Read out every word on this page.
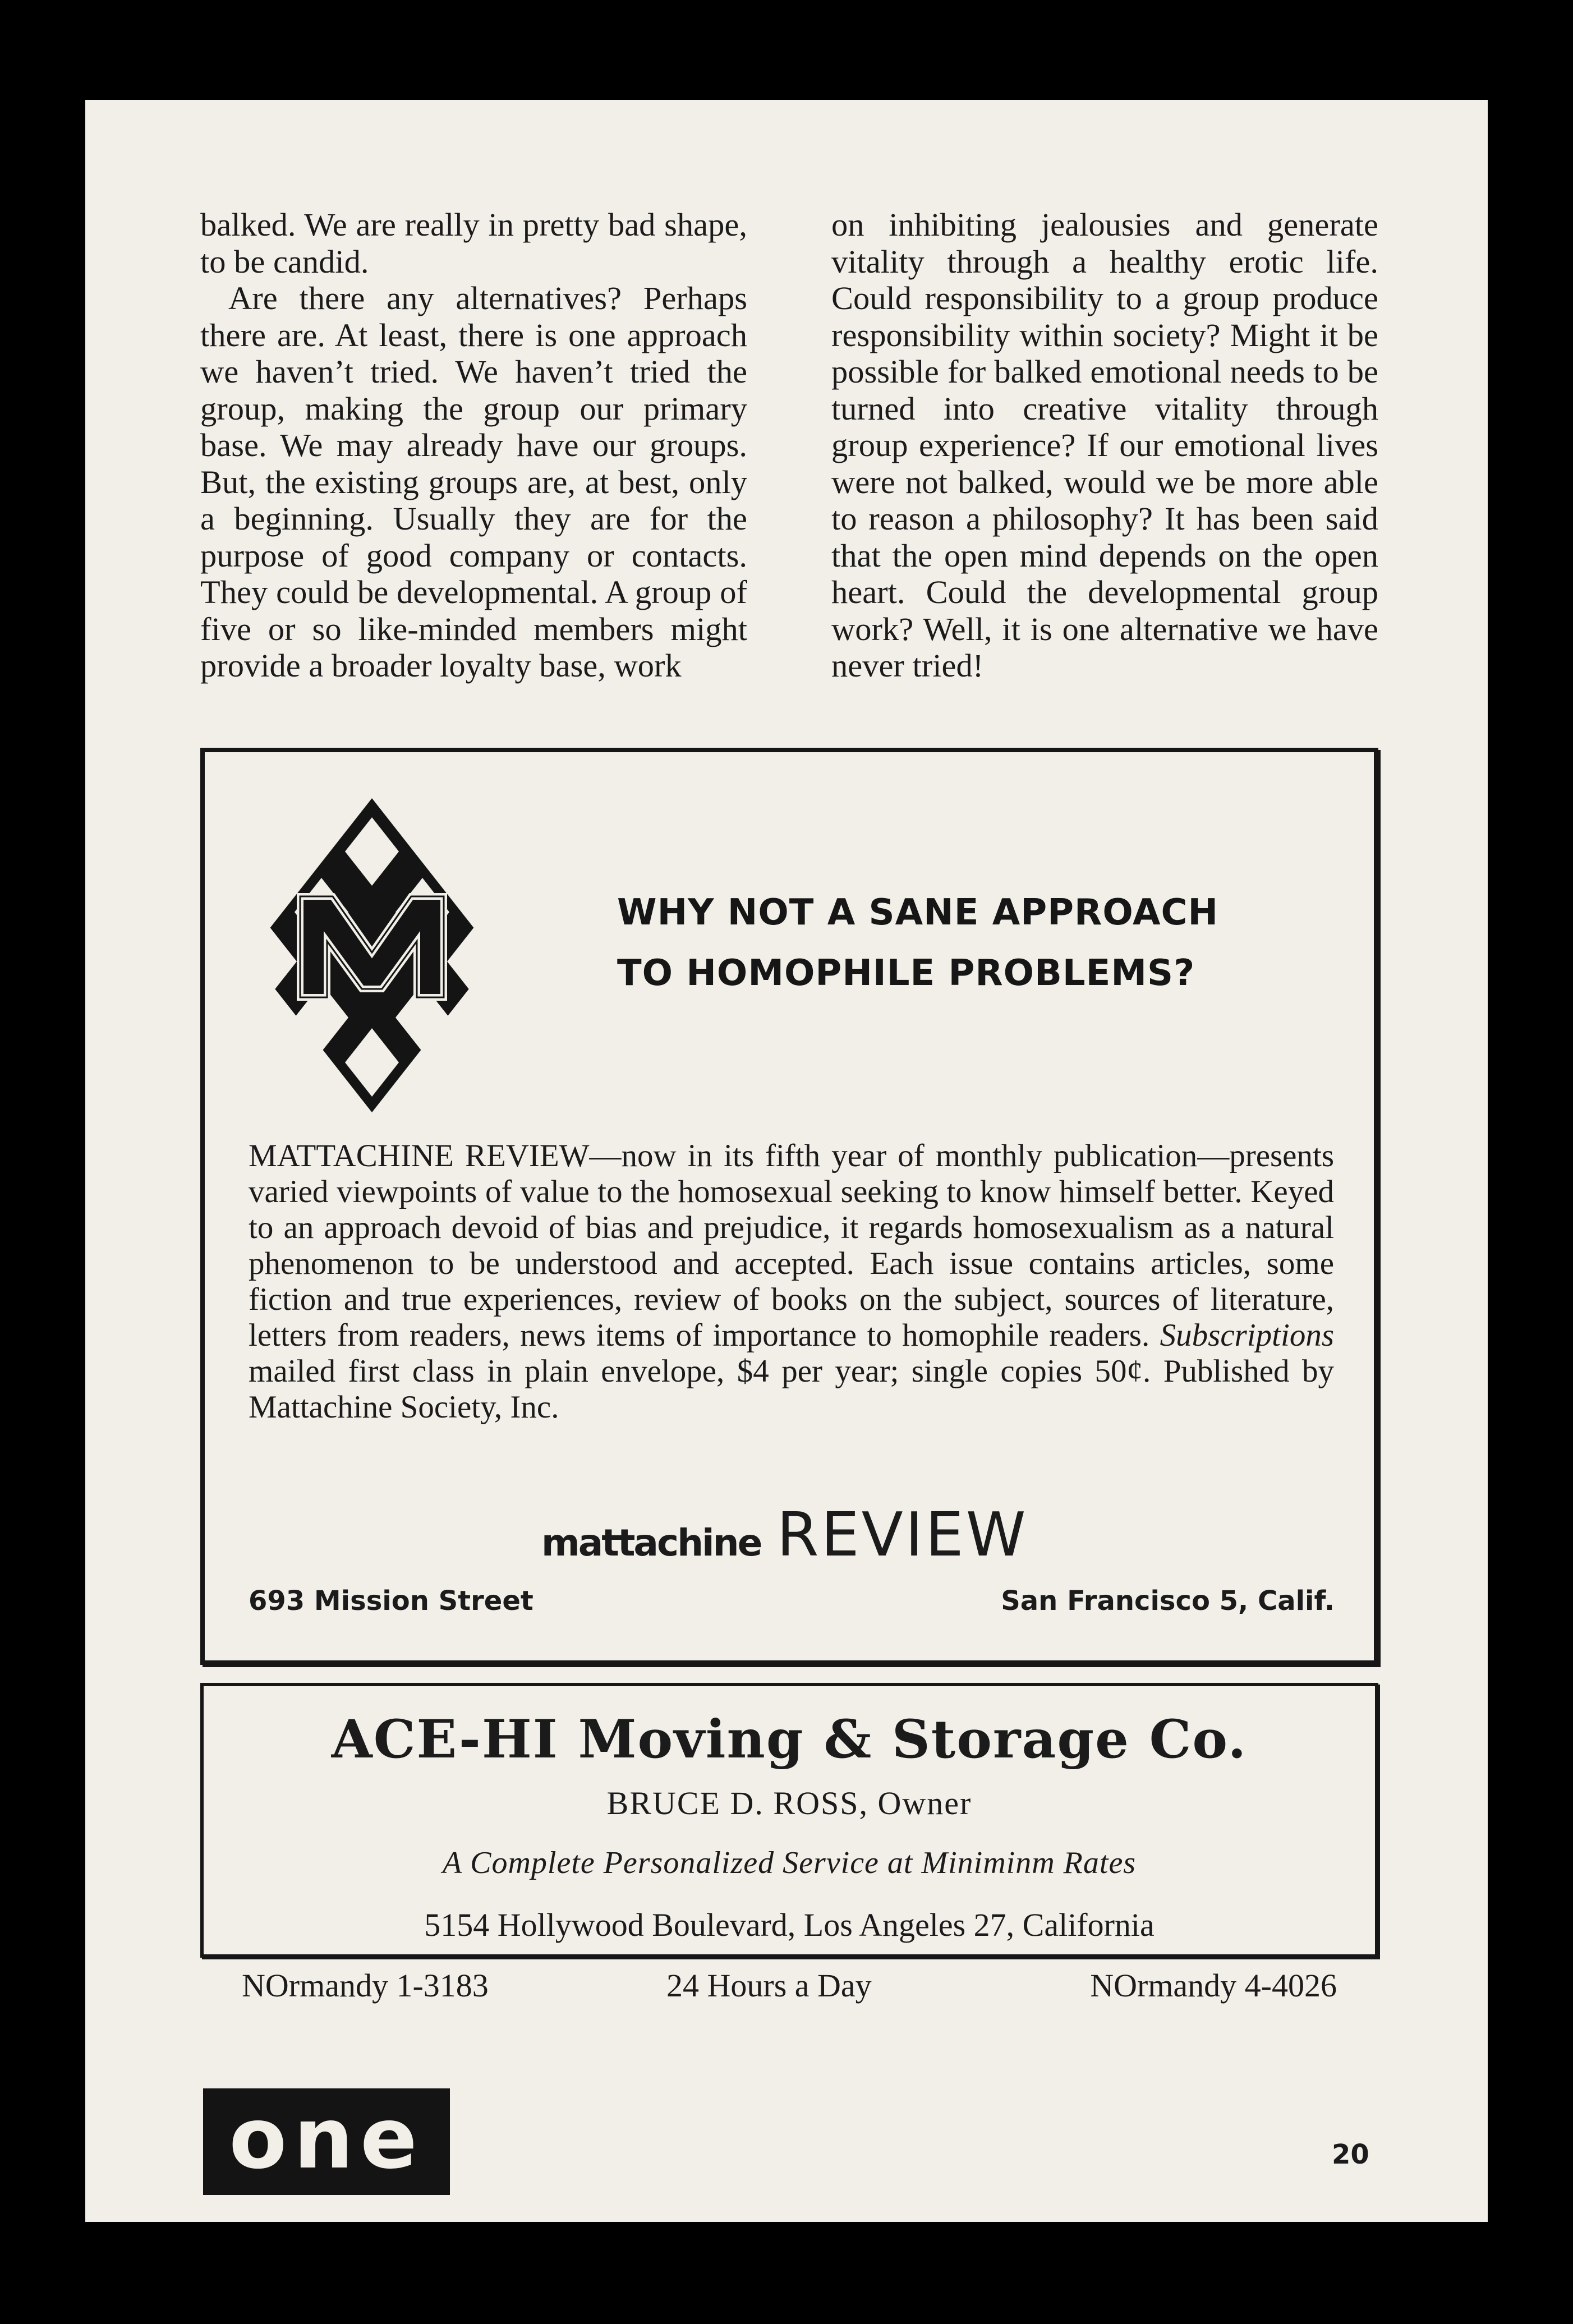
balked. We are really in pretty bad shape, to be candid.

Are there any alternatives? Perhaps there are. At least, there is one approach we haven’t tried. We haven’t tried the group, making the group our primary base. We may already have our groups. But, the existing groups are, at best, only a beginning. Usually they are for the purpose of good company or contacts. They could be developmental. A group of five or so like-minded members might provide a broader loyalty base, work

on inhibiting jealousies and generate vitality through a healthy erotic life. Could responsibility to a group produce responsibility within society? Might it be possible for balked emotional needs to be turned into creative vitality through group experience? If our emotional lives were not balked, would we be more able to reason a philosophy? It has been said that the open mind depends on the open heart. Could the developmental group work? Well, it is one alternative we have never tried!

WHY NOT A SANE APPROACH
TO HOMOPHILE PROBLEMS?
MATTACHINE REVIEW—now in its fifth year of monthly publication—presents varied viewpoints of value to the homosexual seeking to know himself better. Keyed to an approach devoid of bias and prejudice, it regards homosexualism as a natural phenomenon to be understood and accepted. Each issue contains articles, some fiction and true experiences, review of books on the subject, sources of literature, letters from readers, news items of importance to homophile readers. Subscriptions mailed first class in plain envelope, $4 per year; single copies 50¢. Published by Mattachine Society, Inc.
mattachine REVIEW
693 Mission Street	San Francisco 5, Calif.
ACE-HI Moving & Storage Co.
BRUCE D. ROSS, Owner
A Complete Personalized Service at Miniminm Rates
5154 Hollywood Boulevard, Los Angeles 27, California
NOrmandy 1-3183	24 Hours a Day	NOrmandy 4-4026
one	20
